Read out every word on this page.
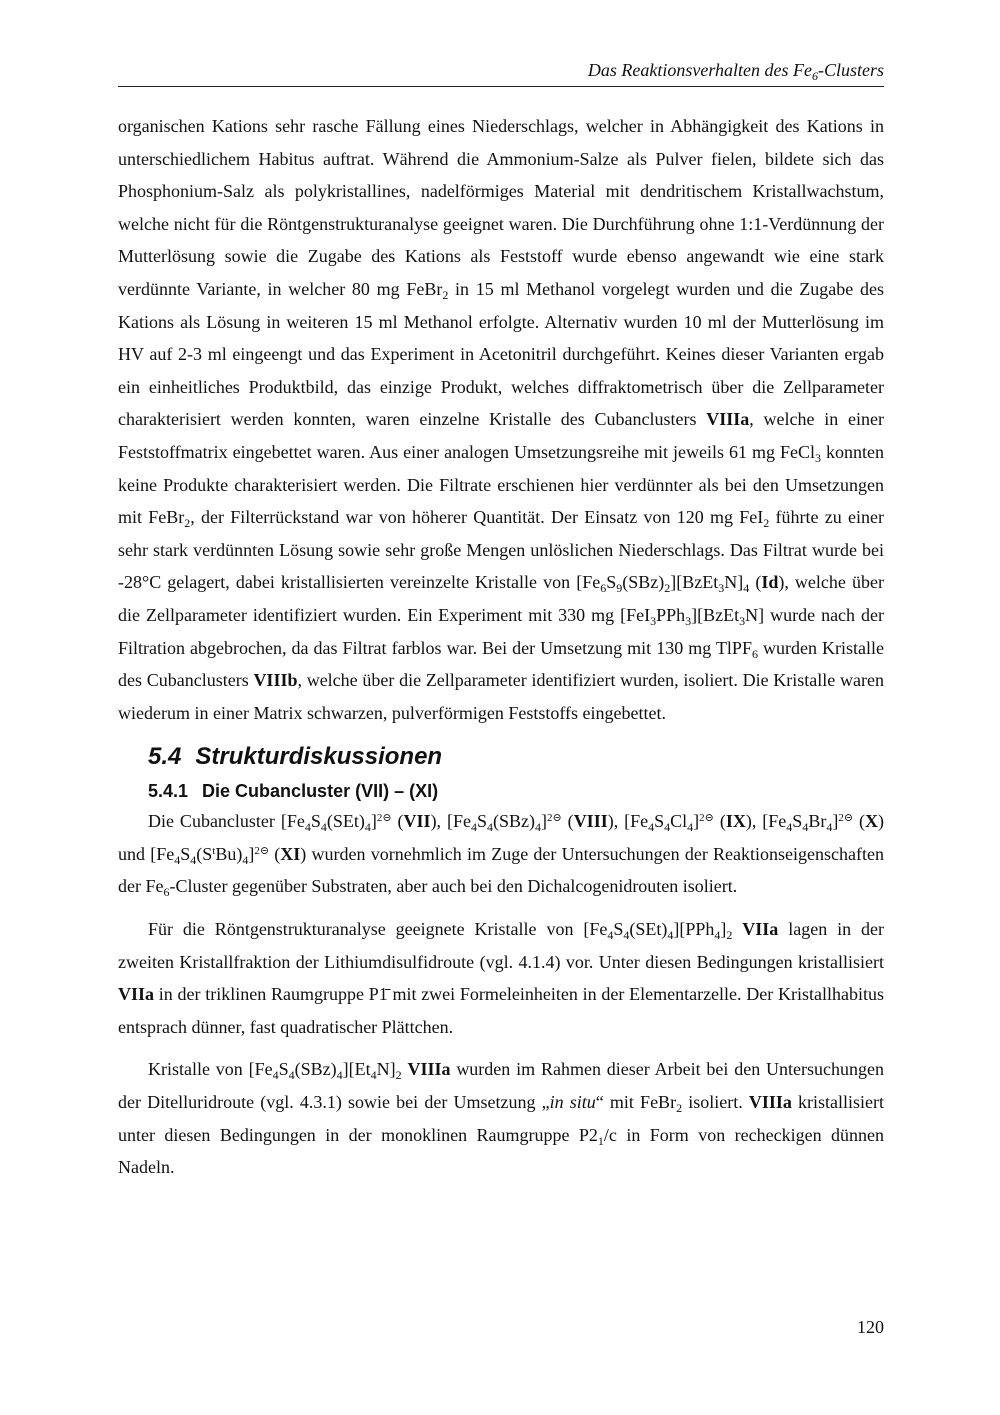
Das Reaktionsverhalten des $Fe_6$-Clusters

organischen Kations sehr rasche Fällung eines Niederschlags, welcher in Abhängigkeit des Kations in unterschiedlichem Habitus auftrat. Während die Ammonium-Salze als Pulver fielen, bildete sich das Phosphonium-Salz als polykristallines, nadelförmiges Material mit dendritischem Kristallwachstum, welche nicht für die Röntgenstrukturanalyse geeignet waren. Die Durchführung ohne 1:1-Verdünnung der Mutterlösung sowie die Zugabe des Kations als Feststoff wurde ebenso angewandt wie eine stark verdünnte Variante, in welcher 80 mg FeBr$_2$ in 15 ml Methanol vorgelegt wurden und die Zugabe des Kations als Lösung in weiteren 15 ml Methanol erfolgte. Alternativ wurden 10 ml der Mutterlösung im HV auf 2-3 ml eingeengt und das Experiment in Acetonitril durchgeführt. Keines dieser Varianten ergab ein einheitliches Produktbild, das einzige Produkt, welches diffraktometrisch über die Zellparameter charakterisiert werden konnten, waren einzelne Kristalle des Cubanclusters VIIIa, welche in einer Feststoffmatrix eingebettet waren. Aus einer analogen Umsetzungsreihe mit jeweils 61 mg FeCl$_3$ konnten keine Produkte charakterisiert werden. Die Filtrate erschienen hier verdünnter als bei den Umsetzungen mit FeBr$_2$, der Filterrückstand war von höherer Quantität. Der Einsatz von 120 mg FeI$_2$ führte zu einer sehr stark verdünnten Lösung sowie sehr große Mengen unlöslichen Niederschlags. Das Filtrat wurde bei -28°C gelagert, dabei kristallisierten vereinzelte Kristalle von $[Fe_6S_9(SBz)_2][BzEt_3N]_4$ (Id), welche über die Zellparameter identifiziert wurden. Ein Experiment mit 330 mg [FeI$_3$PPh$_3$][BzEt$_3$N] wurde nach der Filtration abgebrochen, da das Filtrat farblos war. Bei der Umsetzung mit 130 mg TlPF$_6$ wurden Kristalle des Cubanclusters VIIIb, welche über die Zellparameter identifiziert wurden, isoliert. Die Kristalle waren wiederum in einer Matrix schwarzen, pulverförmigen Feststoffs eingebettet.

5.4 Strukturdiskussionen
5.4.1 Die Cubancluster (VII) – (XI)

Die Cubancluster $[Fe_4S_4(SEt)_4]^{2⊝}$ (VII), $[Fe_4S_4(SBz)_4]^{2⊝}$ (VIII), $[Fe_4S_4Cl_4]^{2⊝}$ (IX), $[Fe_4S_4Br_4]^{2⊝}$ (X) und $[Fe_4S_4(S^tBu)_4]^{2⊝}$ (XI) wurden vornehmlich im Zuge der Untersuchungen der Reaktionseigenschaften der $Fe_6$-Cluster gegenüber Substraten, aber auch bei den Dichalcogenidrouten isoliert.

Für die Röntgenstrukturanalyse geeignete Kristalle von $[Fe_4S_4(SEt)_4][PPh_4]_2$ VIIa lagen in der zweiten Kristallfraktion der Lithiumdisulfidroute (vgl. 4.1.4) vor. Unter diesen Bedingungen kristallisiert VIIa in der triklinen Raumgruppe P1̄ mit zwei Formeleinheiten in der Elementarzelle. Der Kristallhabitus entsprach dünner, fast quadratischer Plättchen.

Kristalle von $[Fe_4S_4(SBz)_4][Et_4N]_2$ VIIIa wurden im Rahmen dieser Arbeit bei den Untersuchungen der Ditelluridroute (vgl. 4.3.1) sowie bei der Umsetzung „in situ“ mit FeBr$_2$ isoliert. VIIIa kristallisiert unter diesen Bedingungen in der monoklinen Raumgruppe $P2_1/c$ in Form von recheckigen dünnen Nadeln.

120
